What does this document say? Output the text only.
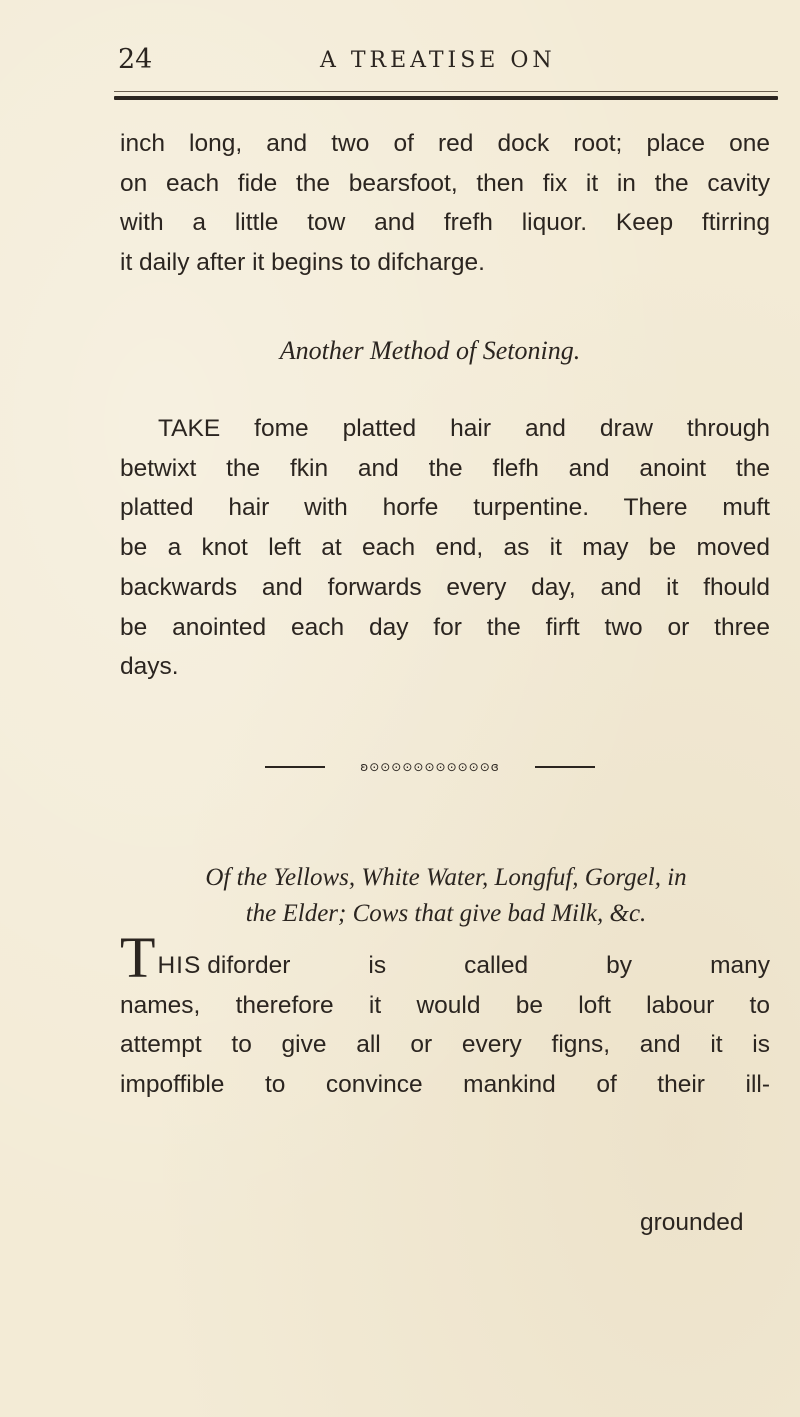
24	A TREATISE ON
inch long, and two of red dock root; place one
on each fide the bearsfoot, then fix it in the cavity
with a little tow and frefh liquor. Keep ftirring
it daily after it begins to difcharge.
Another Method of Setoning.
TAKE fome platted hair and draw through
betwixt the fkin and the flefh and anoint the
platted hair with horfe turpentine. There muft
be a knot left at each end, as it may be moved
backwards and forwards every day, and it fhould
be anointed each day for the firft two or three
days.
ʚ⊙⊙⊙⊙⊙⊙⊙⊙⊙⊙⊙ɞ
Of the Yellows, White Water, Longfuf, Gorgel, in
the Elder; Cows that give bad Milk, &c.
THIS diforder is called by many
names, therefore it would be loft labour to
attempt to give all or every figns, and it is
impoffible to convince mankind of their ill-
grounded
